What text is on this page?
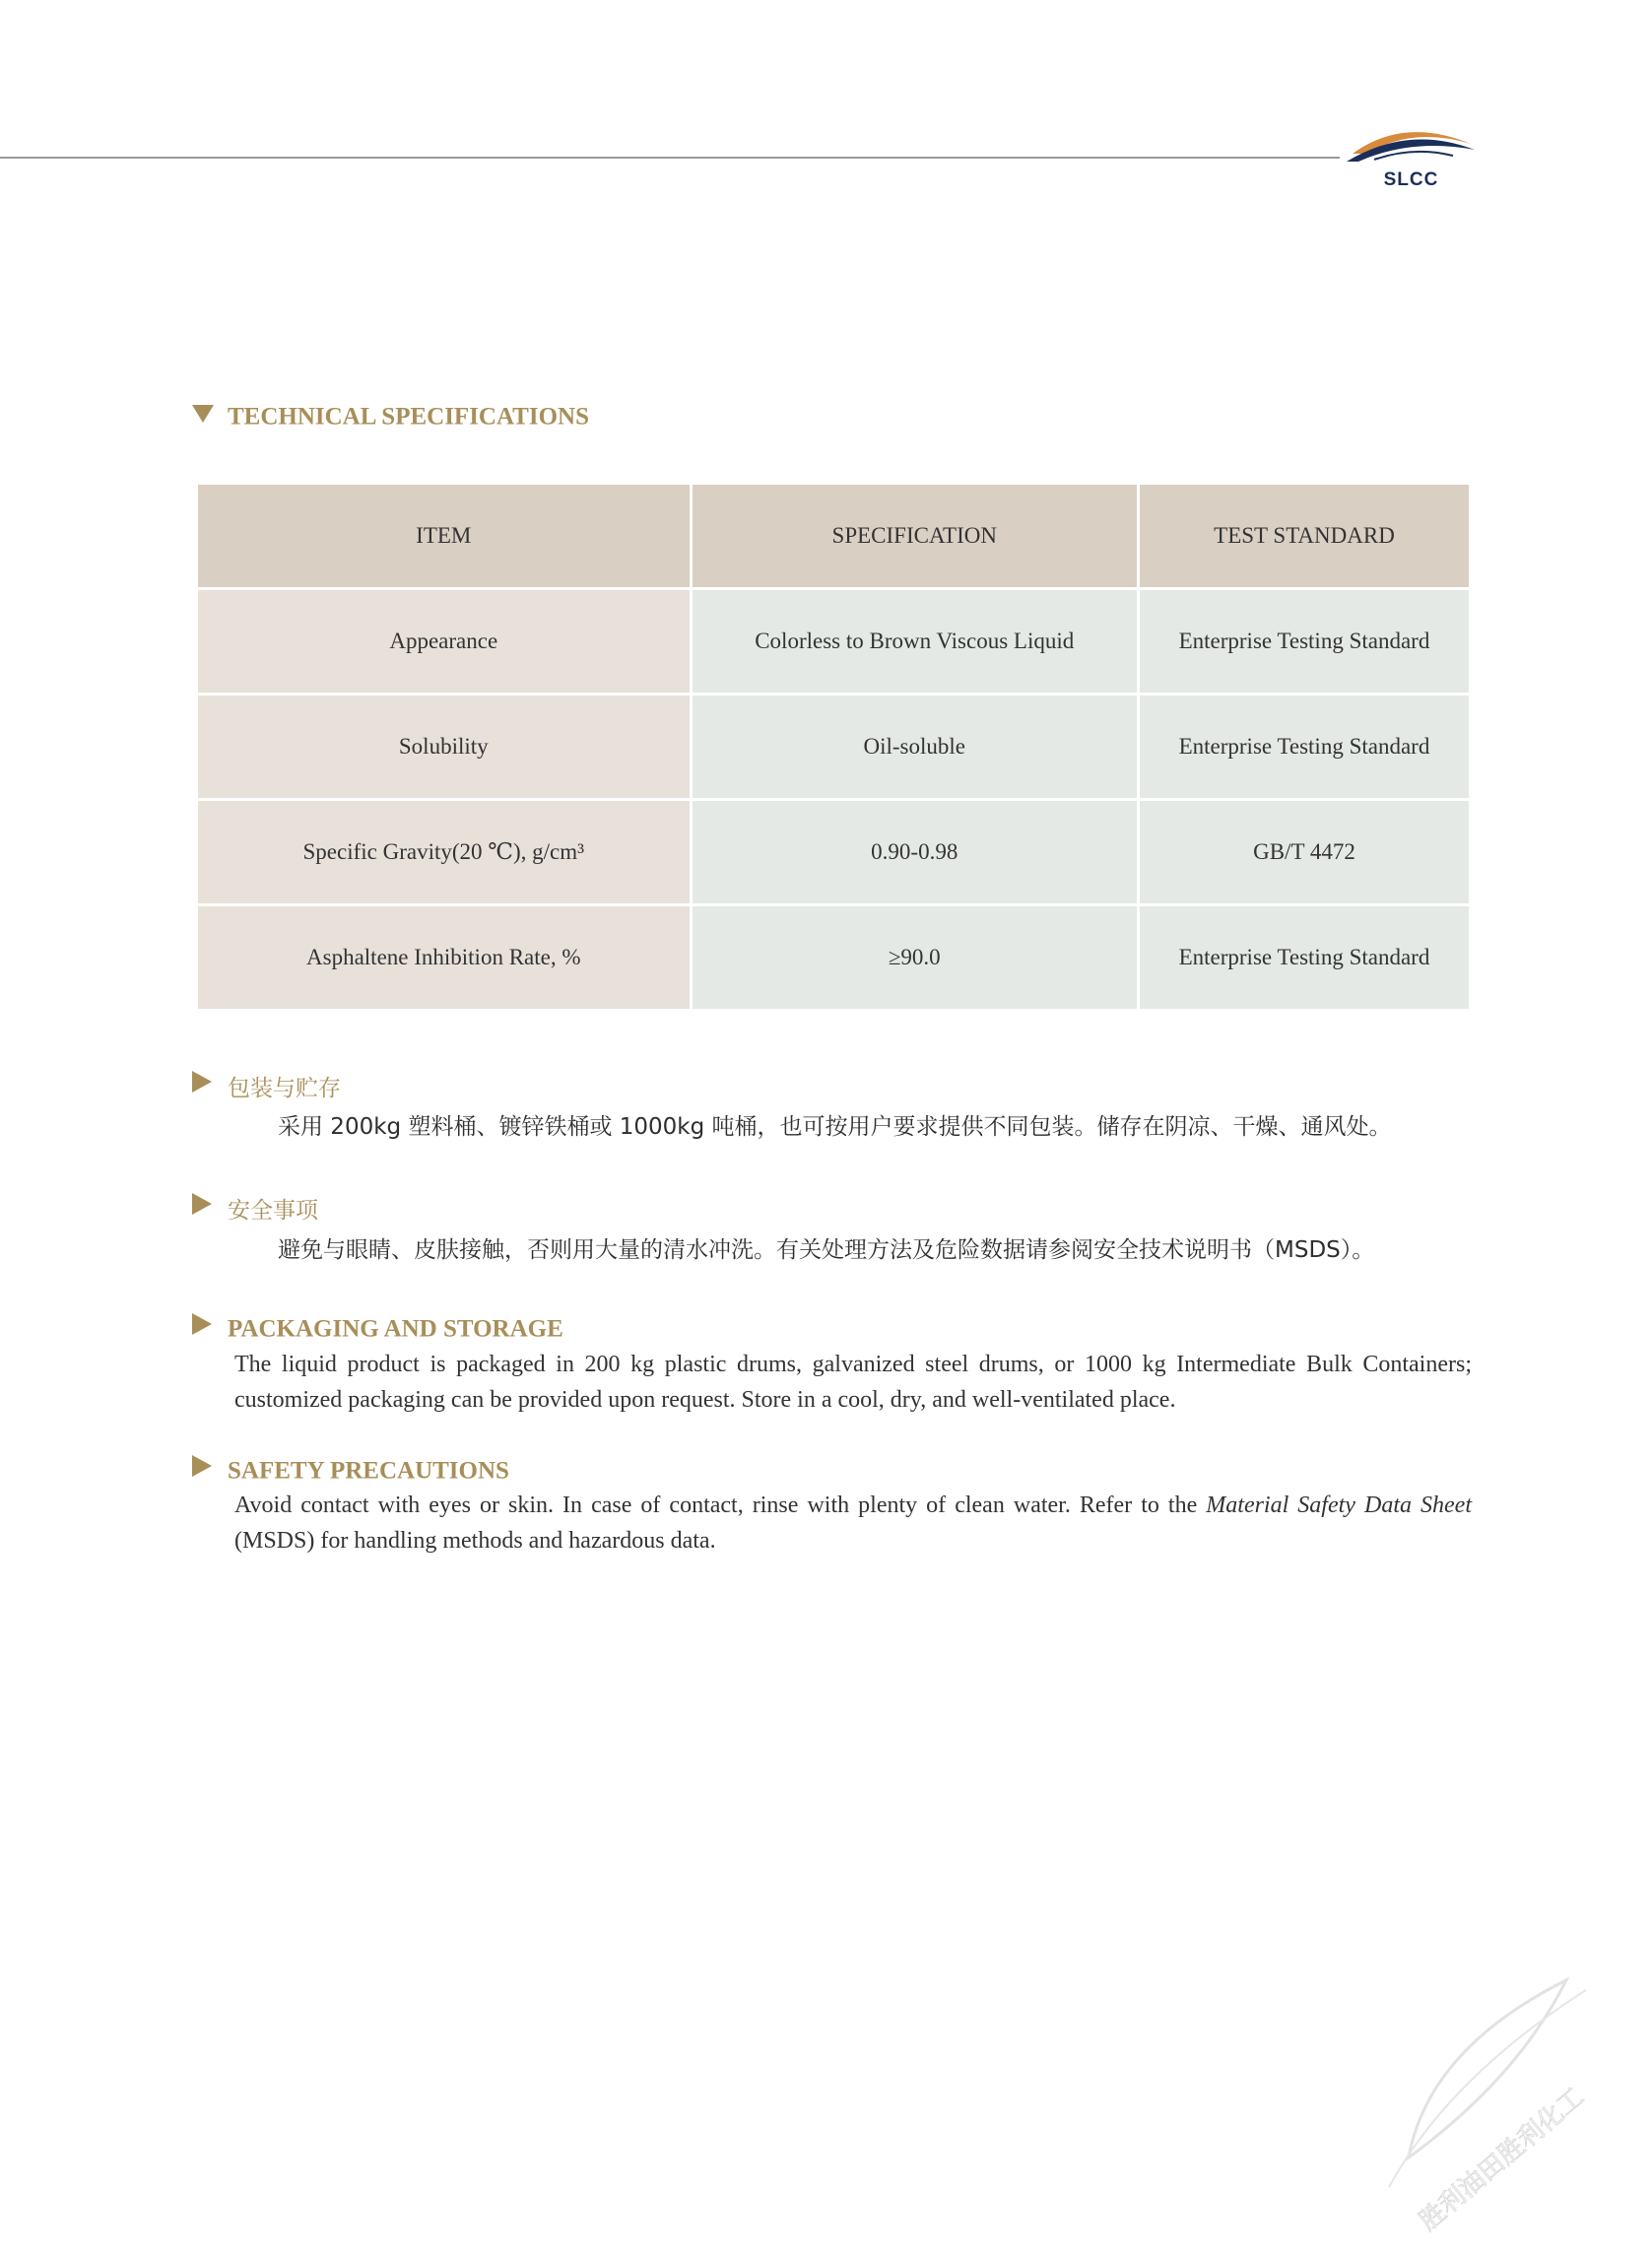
SLCC
TECHNICAL SPECIFICATIONS
ITEM	SPECIFICATION	TEST STANDARD
Appearance	Colorless to Brown Viscous Liquid	Enterprise Testing Standard
Solubility	Oil-soluble	Enterprise Testing Standard
Specific Gravity(20 ℃), g/cm³	0.90-0.98	GB/T 4472
Asphaltene Inhibition Rate, %	≥90.0	Enterprise Testing Standard
包装与贮存
采用 200kg 塑料桶、镀锌铁桶或 1000kg 吨桶，也可按用户要求提供不同包装。储存在阴凉、干燥、通风处。
安全事项
避免与眼睛、皮肤接触，否则用大量的清水冲洗。有关处理方法及危险数据请参阅安全技术说明书（MSDS）。
PACKAGING AND STORAGE
The liquid product is packaged in 200 kg plastic drums, galvanized steel drums, or 1000 kg Intermediate Bulk Containers; customized packaging can be provided upon request. Store in a cool, dry, and well-ventilated place.
SAFETY PRECAUTIONS
Avoid contact with eyes or skin. In case of contact, rinse with plenty of clean water. Refer to the Material Safety Data Sheet (MSDS) for handling methods and hazardous data.
胜利油田胜利化工
